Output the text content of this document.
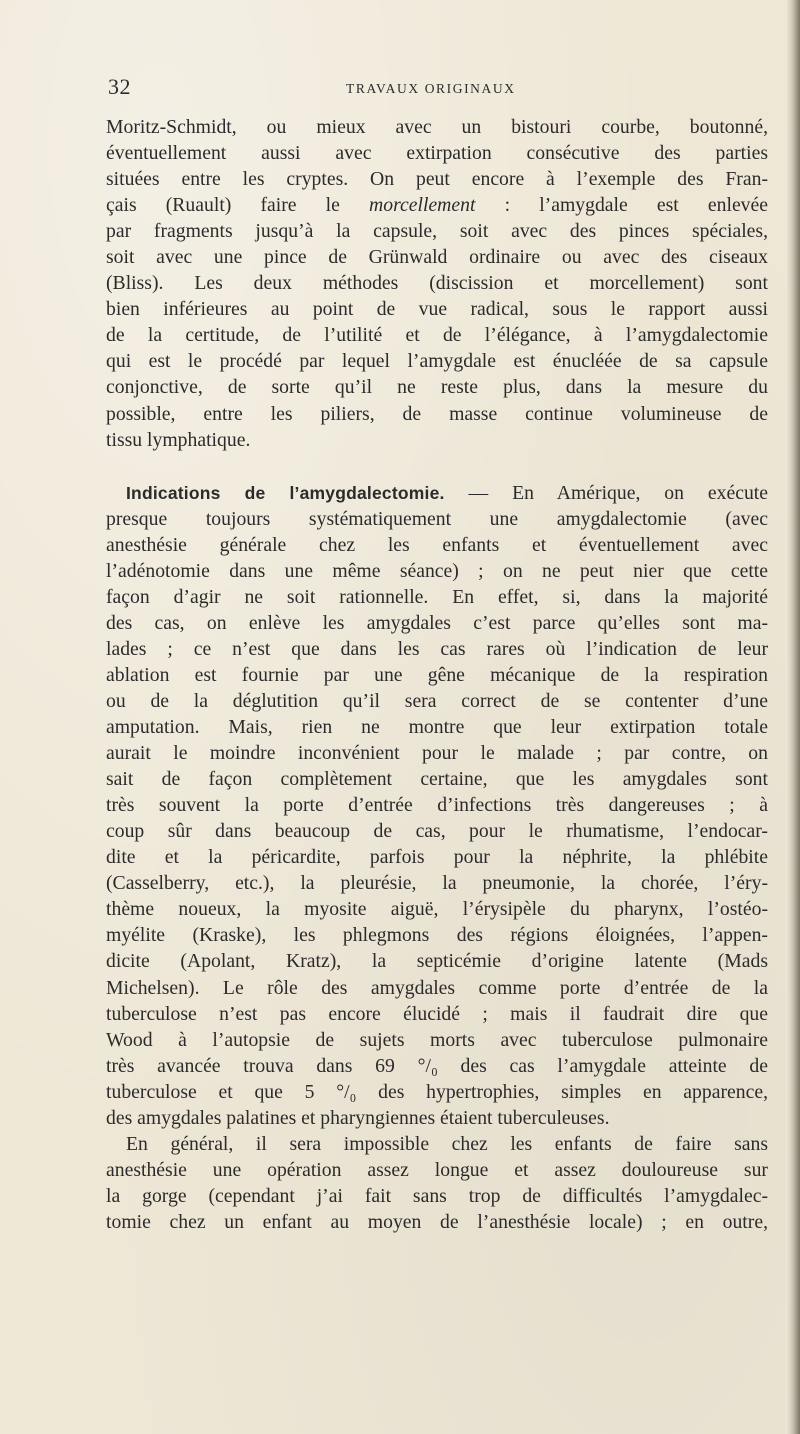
32	TRAVAUX ORIGINAUX
Moritz-Schmidt, ou mieux avec un bistouri courbe, boutonné,
éventuellement aussi avec extirpation consécutive des parties
situées entre les cryptes. On peut encore à l’exemple des Fran-
çais (Ruault) faire le morcellement : l’amygdale est enlevée
par fragments jusqu’à la capsule, soit avec des pinces spéciales,
soit avec une pince de Grünwald ordinaire ou avec des ciseaux
(Bliss). Les deux méthodes (discission et morcellement) sont
bien inférieures au point de vue radical, sous le rapport aussi
de la certitude, de l’utilité et de l’élégance, à l’amygdalectomie
qui est le procédé par lequel l’amygdale est énucléée de sa capsule
conjonctive, de sorte qu’il ne reste plus, dans la mesure du
possible, entre les piliers, de masse continue volumineuse de
tissu lymphatique.
Indications de l’amygdalectomie. — En Amérique, on exécute
presque toujours systématiquement une amygdalectomie (avec
anesthésie générale chez les enfants et éventuellement avec
l’adénotomie dans une même séance) ; on ne peut nier que cette
façon d’agir ne soit rationnelle. En effet, si, dans la majorité
des cas, on enlève les amygdales c’est parce qu’elles sont ma-
lades ; ce n’est que dans les cas rares où l’indication de leur
ablation est fournie par une gêne mécanique de la respiration
ou de la déglutition qu’il sera correct de se contenter d’une
amputation. Mais, rien ne montre que leur extirpation totale
aurait le moindre inconvénient pour le malade ; par contre, on
sait de façon complètement certaine, que les amygdales sont
très souvent la porte d’entrée d’infections très dangereuses ; à
coup sûr dans beaucoup de cas, pour le rhumatisme, l’endocar-
dite et la péricardite, parfois pour la néphrite, la phlébite
(Casselberry, etc.), la pleurésie, la pneumonie, la chorée, l’éry-
thème noueux, la myosite aiguë, l’érysipèle du pharynx, l’ostéo-
myélite (Kraske), les phlegmons des régions éloignées, l’appen-
dicite (Apolant, Kratz), la septicémie d’origine latente (Mads
Michelsen). Le rôle des amygdales comme porte d’entrée de la
tuberculose n’est pas encore élucidé ; mais il faudrait dire que
Wood à l’autopsie de sujets morts avec tuberculose pulmonaire
très avancée trouva dans 69 °/₀ des cas l’amygdale atteinte de
tuberculose et que 5 °/₀ des hypertrophies, simples en apparence,
des amygdales palatines et pharyngiennes étaient tuberculeuses.
En général, il sera impossible chez les enfants de faire sans
anesthésie une opération assez longue et assez douloureuse sur
la gorge (cependant j’ai fait sans trop de difficultés l’amygdalec-
tomie chez un enfant au moyen de l’anesthésie locale) ; en outre,
